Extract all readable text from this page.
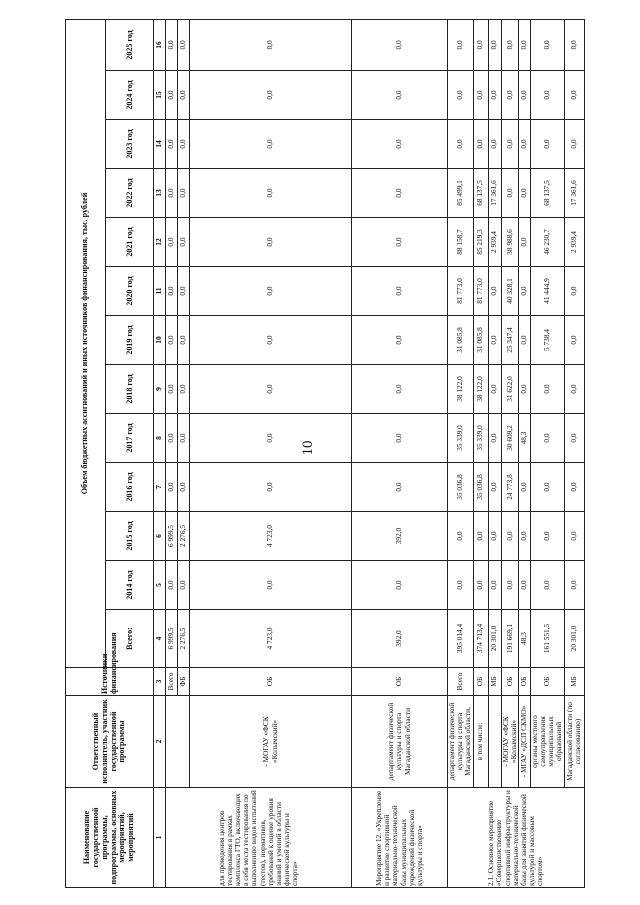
10
Наименование государственной программы, подпрограммы, основных мероприятий, мероприятий	Ответственный исполнитель, участник государственной программы	Источники финансирования	Объем бюджетных ассигнований и иных источников финансирования, тыс. рублей												
			Всего:	2014 год	2015 год	2016 год	2017 год	2018 год	2019 год	2020 год	2021 год	2022 год	2023 год	2024 год	2025 год
1	2	3	4	5	6	7	8	9	10	11	12	13	14	15	16
для проведения центров тестирования в рамках комплекса ГТО, включающих в себя места тестирования по выполнению видов испытаний (тестов), нормативов, требований к оценке уровня знаний и умений в области физической культуры и спорта»		Всего	6 999,5	0,0	6 999,5	0,0	0,0	0,0	0,0	0,0	0,0	0,0	0,0	0,0	0,0
		ФБ	2 276,5	0,0	2 276,5	0,0	0,0	0,0	0,0	0,0	0,0	0,0	0,0	0,0	0,0
	- МОГАУ «ФСК «Колымский»	ОБ	4 723,0	0,0	4 723,0	0,0	0,0	0,0	0,0	0,0	0,0	0,0	0,0	0,0	0,0
Мероприятие 12. «Укрепление и развитие спортивной материально-технической базы муниципальных учреждений физической культуры и спорта»	департамент физической культуры и спорта Магаданской области	ОБ	392,0	0,0	392,0	0,0	0,0	0,0	0,0	0,0	0,0	0,0	0,0	0,0	0,0
2.1. Основное мероприятие «Совершенствование спортивной инфраструктуры и материально-технической базы для занятий физической культурой и массовым спортом»	департамент физической культуры и спорта Магаданской области,	Всего	395 014,4	0,0	0,0	35 036,8	35 339,0	38 122,0	31 085,8	81 773,0	88 158,7	85 499,1	0,0	0,0	0,0
	в том числе:	ОБ	374 713,4	0,0	0,0	35 036,8	35 339,0	38 122,0	31 085,8	81 773,0	85 219,3	68 137,5	0,0	0,0	0,0
		МБ	20 301,0	0,0	0,0	0,0	0,0	0,0	0,0	0,0	2 939,4	17 361,6	0,0	0,0	0,0
	- МОГАУ «ФСК «Колымский»	ОБ	191 669,1	0,0	0,0	24 773,8	30 609,2	31 622,0	25 347,4	40 328,1	38 988,6	0,0	0,0	0,0	0,0
	- МГАУ «ДСП СКМО»	ОБ	48,3	0,0	0,0	0,0	48,3	0,0	0,0	0,0	0,0	0,0	0,0	0,0	0,0
	органы местного самоуправления муниципальных образований	ОБ	161 551,5	0,0	0,0	0,0	0,0	0,0	5 738,4	41 444,9	46 230,7	68 137,5	0,0	0,0	0,0
	Магаданской области (по согласованию)	МБ	20 301,0	0,0	0,0	0,0	0,0	0,0	0,0	0,0	2 939,4	17 361,6	0,0	0,0	0,0
